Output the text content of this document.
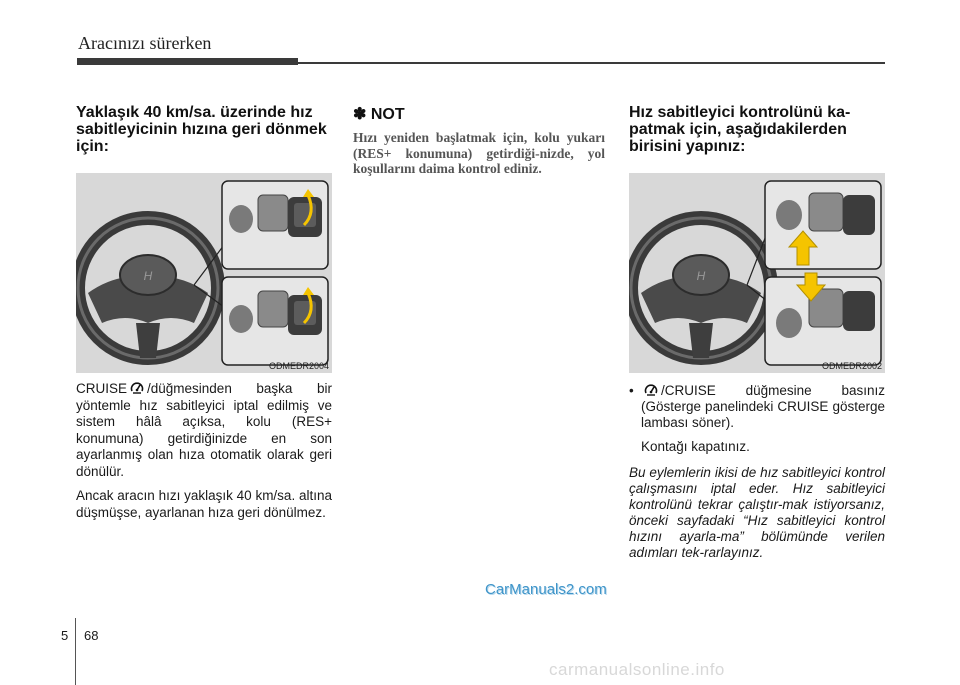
Aracınızı sürerken
Yaklaşık 40 km/sa. üzerinde hız sabitleyicinin hızına geri dönmek için:
H
ODMEDR2004

CRUISE /düğmesinden başka bir yöntemle hız sabitleyici iptal edilmiş ve sistem hâlâ açıksa, kolu (RES+ konumuna) getirdiğinizde en son ayarlanmış olan hıza otomatik olarak geri dönülür.

Ancak aracın hızı yaklaşık 40 km/sa. altına düşmüşse, ayarlanan hıza geri dönülmez.

✽ NOT

Hızı yeniden başlatmak için, kolu yukarı (RES+ konumuna) getirdiği-nizde, yol koşullarını daima kontrol ediniz.

Hız sabitleyici kontrolünü ka-patmak için, aşağıdakilerden birisini yapınız:
H
ODMEDR2002

• /CRUISE düğmesine basınız (Gösterge panelindeki CRUISE gösterge lambası söner).

Kontağı kapatınız.

Bu eylemlerin ikisi de hız sabitleyici kontrol çalışmasını iptal eder. Hız sabitleyici kontrolünü tekrar çalıştır-mak istiyorsanız, önceki sayfadaki “Hız sabitleyici kontrol hızını ayarla-ma” bölümünde verilen adımları tek-rarlayınız.

CarManuals2.com
5 68
carmanualsonline.info
